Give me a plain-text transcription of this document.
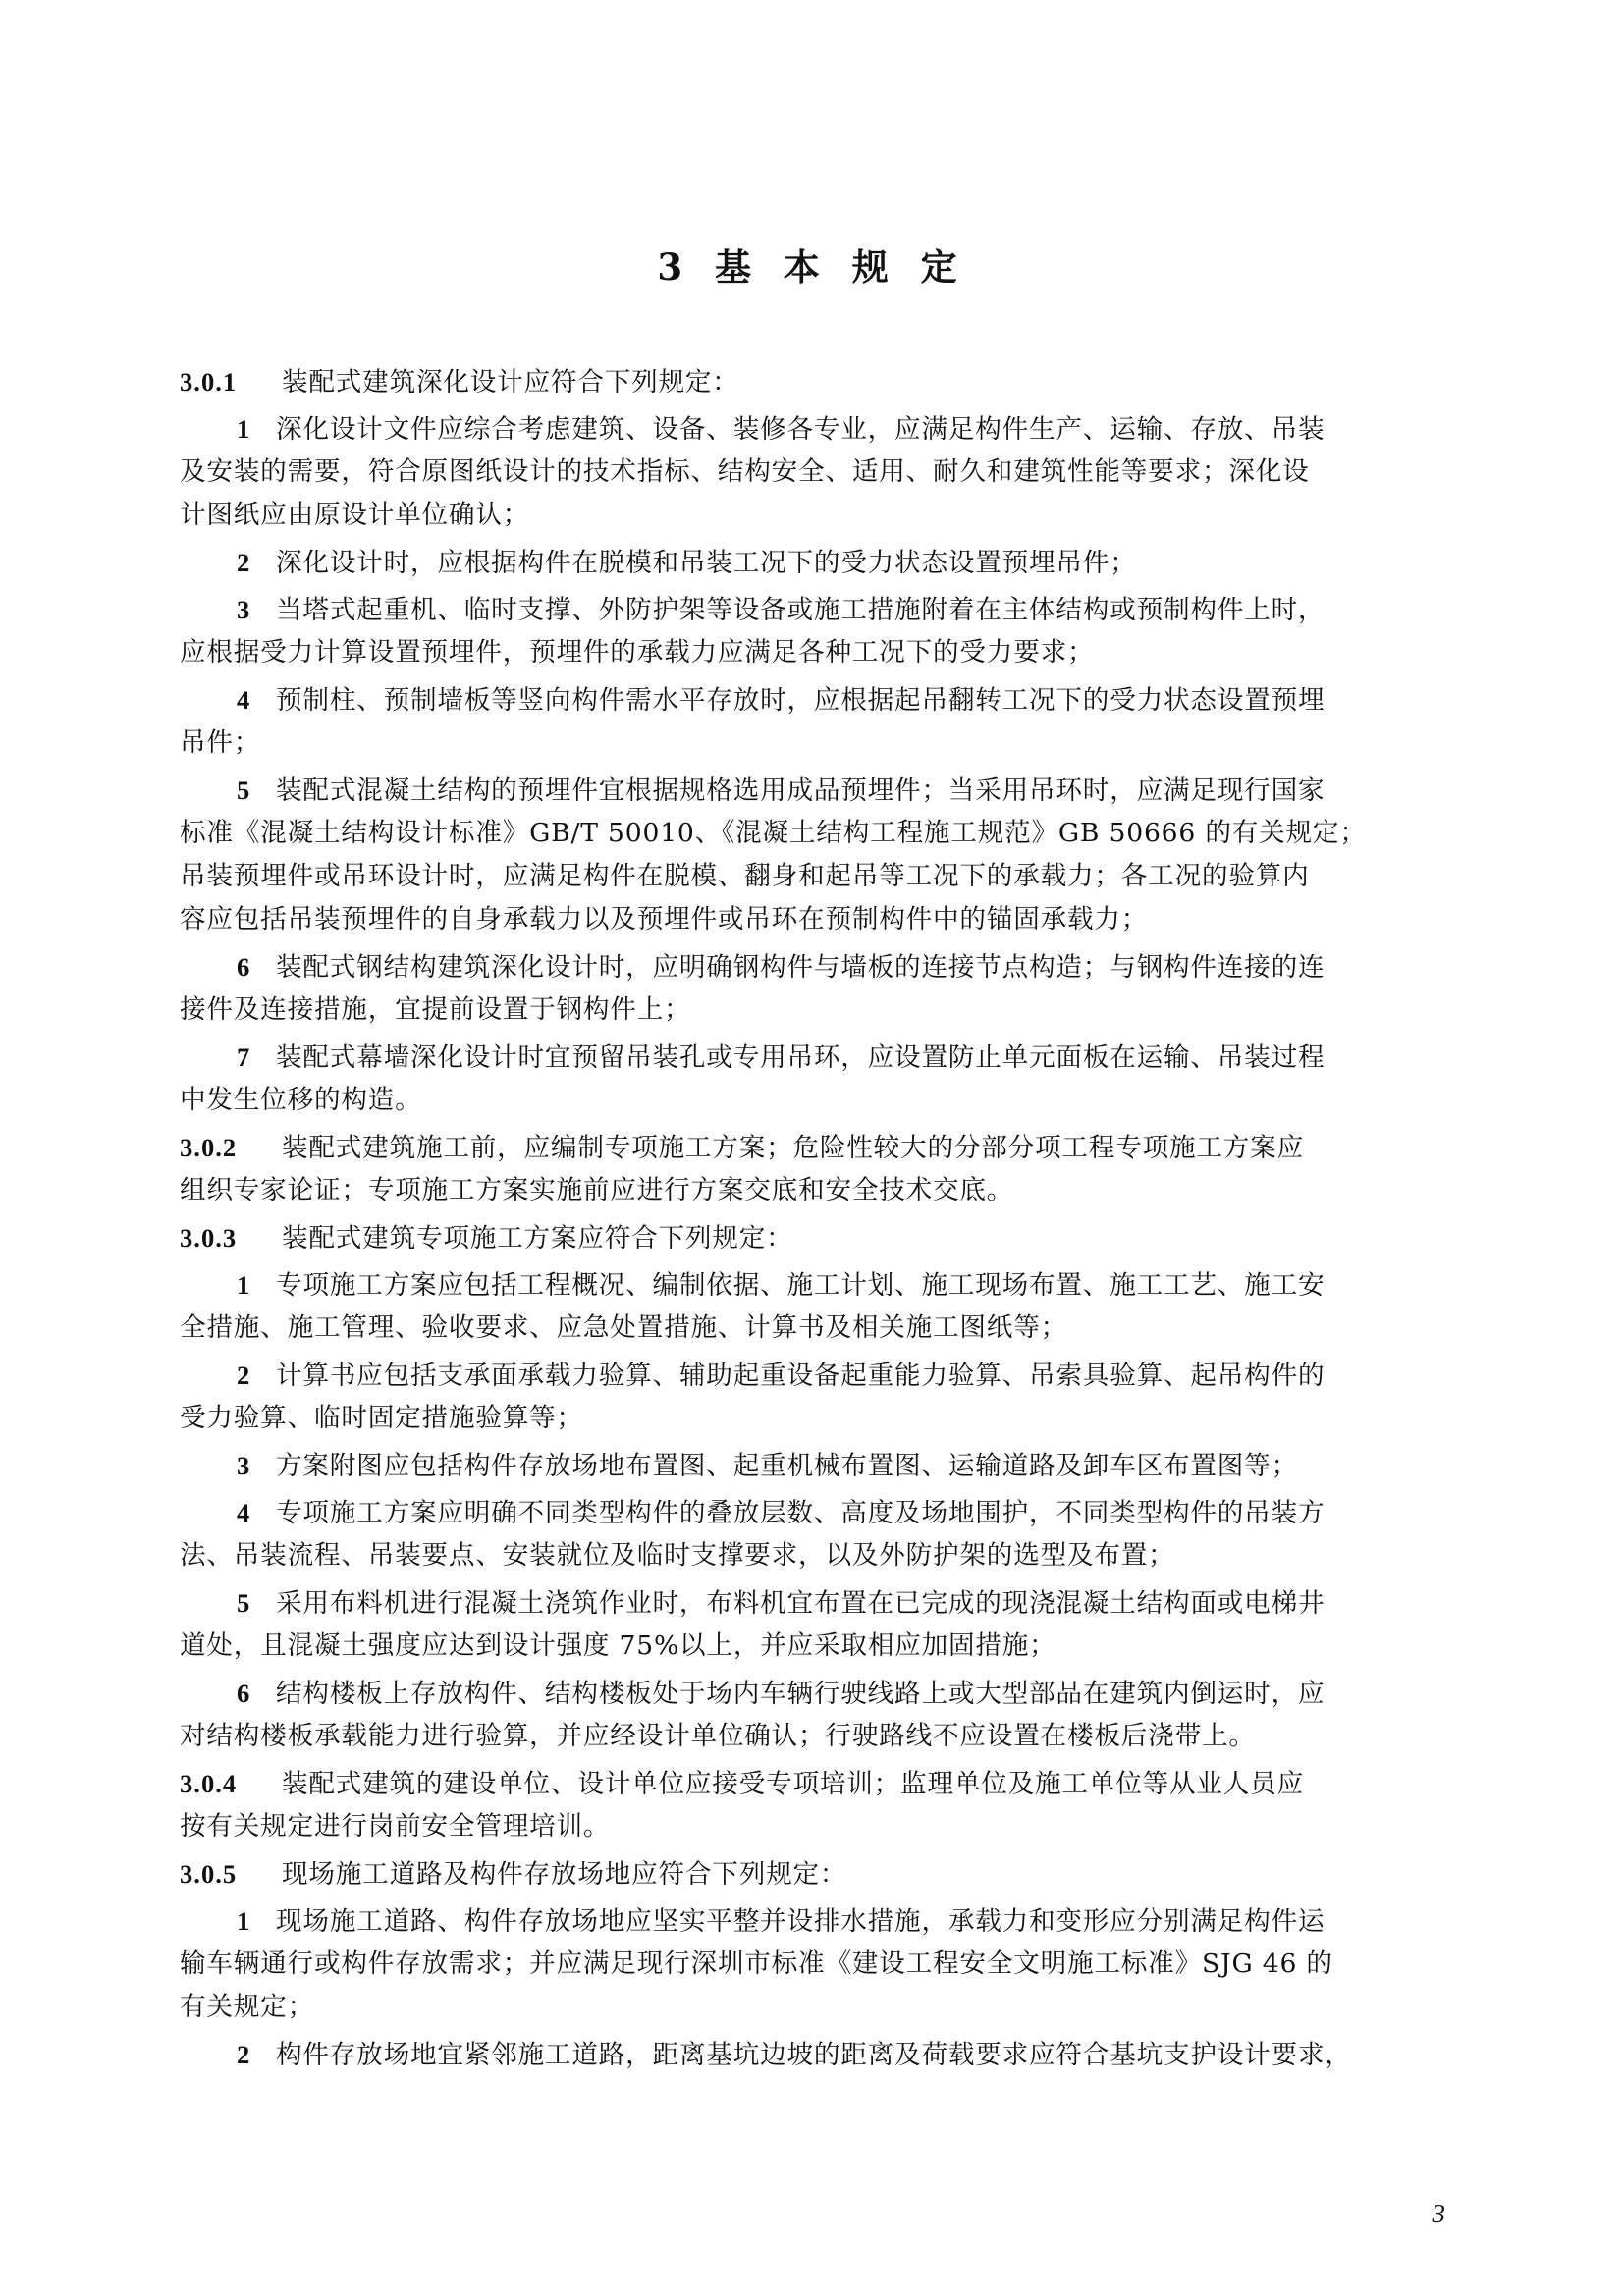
3 基 本 规 定
3.0.1 装配式建筑深化设计应符合下列规定：
1 深化设计文件应综合考虑建筑、设备、装修各专业，应满足构件生产、运输、存放、吊装
及安装的需要，符合原图纸设计的技术指标、结构安全、适用、耐久和建筑性能等要求；深化设
计图纸应由原设计单位确认；
2 深化设计时，应根据构件在脱模和吊装工况下的受力状态设置预埋吊件；
3 当塔式起重机、临时支撑、外防护架等设备或施工措施附着在主体结构或预制构件上时，
应根据受力计算设置预埋件，预埋件的承载力应满足各种工况下的受力要求；
4 预制柱、预制墙板等竖向构件需水平存放时，应根据起吊翻转工况下的受力状态设置预埋
吊件；
5 装配式混凝土结构的预埋件宜根据规格选用成品预埋件；当采用吊环时，应满足现行国家
标准《混凝土结构设计标准》GB/T 50010、《混凝土结构工程施工规范》GB 50666 的有关规定；
吊装预埋件或吊环设计时，应满足构件在脱模、翻身和起吊等工况下的承载力；各工况的验算内
容应包括吊装预埋件的自身承载力以及预埋件或吊环在预制构件中的锚固承载力；
6 装配式钢结构建筑深化设计时，应明确钢构件与墙板的连接节点构造；与钢构件连接的连
接件及连接措施，宜提前设置于钢构件上；
7 装配式幕墙深化设计时宜预留吊装孔或专用吊环，应设置防止单元面板在运输、吊装过程
中发生位移的构造。
3.0.2 装配式建筑施工前，应编制专项施工方案；危险性较大的分部分项工程专项施工方案应
组织专家论证；专项施工方案实施前应进行方案交底和安全技术交底。
3.0.3 装配式建筑专项施工方案应符合下列规定：
1 专项施工方案应包括工程概况、编制依据、施工计划、施工现场布置、施工工艺、施工安
全措施、施工管理、验收要求、应急处置措施、计算书及相关施工图纸等；
2 计算书应包括支承面承载力验算、辅助起重设备起重能力验算、吊索具验算、起吊构件的
受力验算、临时固定措施验算等；
3 方案附图应包括构件存放场地布置图、起重机械布置图、运输道路及卸车区布置图等；
4 专项施工方案应明确不同类型构件的叠放层数、高度及场地围护，不同类型构件的吊装方
法、吊装流程、吊装要点、安装就位及临时支撑要求，以及外防护架的选型及布置；
5 采用布料机进行混凝土浇筑作业时，布料机宜布置在已完成的现浇混凝土结构面或电梯井
道处，且混凝土强度应达到设计强度 75%以上，并应采取相应加固措施；
6 结构楼板上存放构件、结构楼板处于场内车辆行驶线路上或大型部品在建筑内倒运时，应
对结构楼板承载能力进行验算，并应经设计单位确认；行驶路线不应设置在楼板后浇带上。
3.0.4 装配式建筑的建设单位、设计单位应接受专项培训；监理单位及施工单位等从业人员应
按有关规定进行岗前安全管理培训。
3.0.5 现场施工道路及构件存放场地应符合下列规定：
1 现场施工道路、构件存放场地应坚实平整并设排水措施，承载力和变形应分别满足构件运
输车辆通行或构件存放需求；并应满足现行深圳市标准《建设工程安全文明施工标准》SJG 46 的
有关规定；
2 构件存放场地宜紧邻施工道路，距离基坑边坡的距离及荷载要求应符合基坑支护设计要求，
3
